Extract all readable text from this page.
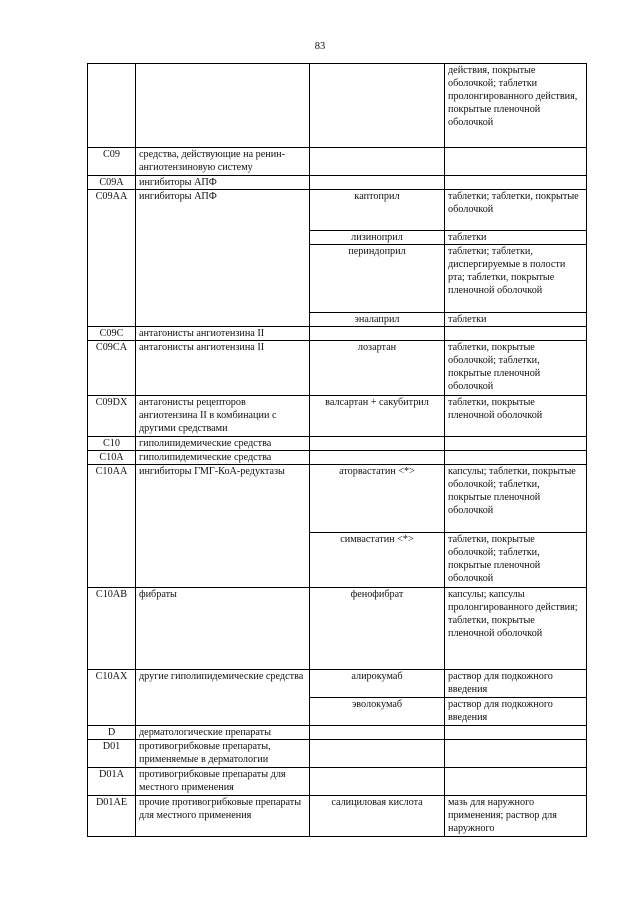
83
			действия, покрытые оболочкой; таблетки пролонгированного действия, покрытые пленочной оболочкой
C09	средства, действующие на ренин-ангиотензиновую систему		
C09A	ингибиторы АПФ		
C09AA	ингибиторы АПФ	каптоприл	таблетки; таблетки, покрытые оболочкой
		лизиноприл	таблетки
		периндоприл	таблетки; таблетки, диспергируемые в полости рта; таблетки, покрытые пленочной оболочкой
		эналаприл	таблетки
C09C	антагонисты ангиотензина II		
C09CA	антагонисты ангиотензина II	лозартан	таблетки, покрытые оболочкой; таблетки, покрытые пленочной оболочкой
C09DX	антагонисты рецепторов ангиотензина II в комбинации с другими средствами	валсартан + сакубитрил	таблетки, покрытые пленочной оболочкой
C10	гиполипидемические средства		
C10A	гиполипидемические средства		
C10AA	ингибиторы ГМГ-КоА-редуктазы	аторвастатин <*>	капсулы; таблетки, покрытые оболочкой; таблетки, покрытые пленочной оболочкой
		симвастатин <*>	таблетки, покрытые оболочкой; таблетки, покрытые пленочной оболочкой
C10AB	фибраты	фенофибрат	капсулы; капсулы пролонгированного действия; таблетки, покрытые пленочной оболочкой
C10AX	другие гиполипидемические средства	алирокумаб	раствор для подкожного введения
		эволокумаб	раствор для подкожного введения
D	дерматологические препараты		
D01	противогрибковые препараты, применяемые в дерматологии		
D01A	противогрибковые препараты для местного применения		
D01AE	прочие противогрибковые препараты для местного применения	салициловая кислота	мазь для наружного применения; раствор для наружного
